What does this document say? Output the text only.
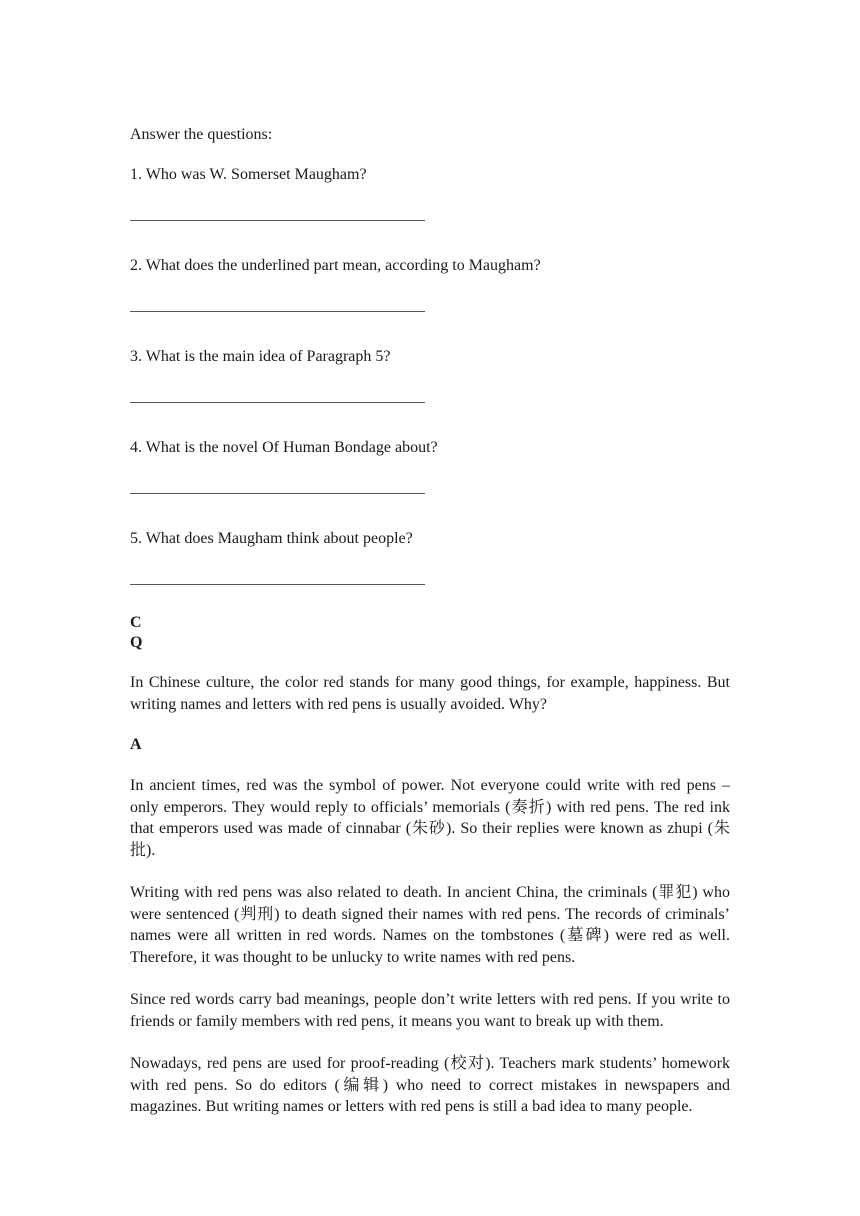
Answer the questions:

1. Who was W. Somerset Maugham?

2. What does the underlined part mean, according to Maugham?

3. What is the main idea of Paragraph 5?

4. What is the novel Of Human Bondage about?

5. What does Maugham think about people?

C

Q

In Chinese culture, the color red stands for many good things, for example, happiness. But writing names and letters with red pens is usually avoided. Why?

A

In ancient times, red was the symbol of power. Not everyone could write with red pens – only emperors. They would reply to officials’ memorials (奏折) with red pens. The red ink that emperors used was made of cinnabar (朱砂). So their replies were known as zhupi (朱批).

Writing with red pens was also related to death. In ancient China, the criminals (罪犯) who were sentenced (判刑) to death signed their names with red pens. The records of criminals’ names were all written in red words. Names on the tombstones (墓碑) were red as well. Therefore, it was thought to be unlucky to write names with red pens.

Since red words carry bad meanings, people don’t write letters with red pens. If you write to friends or family members with red pens, it means you want to break up with them.

Nowadays, red pens are used for proof-reading (校对). Teachers mark students’ homework with red pens. So do editors (编辑) who need to correct mistakes in newspapers and magazines. But writing names or letters with red pens is still a bad idea to many people.
